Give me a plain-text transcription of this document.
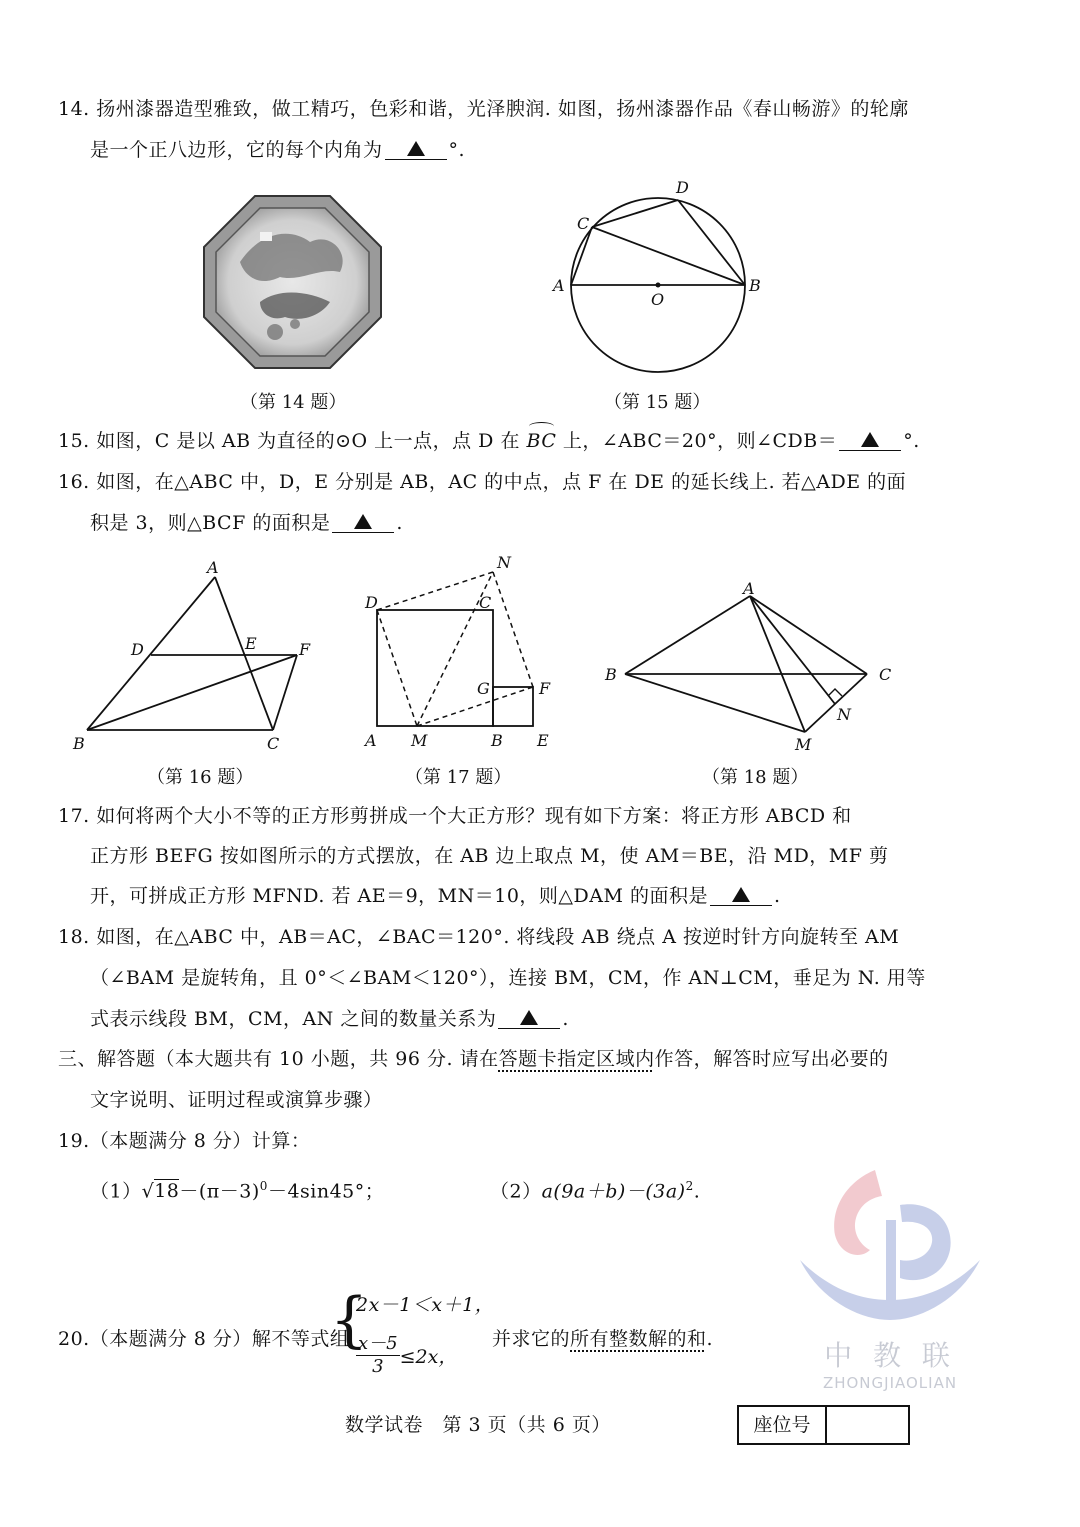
14. 扬州漆器造型雅致，做工精巧，色彩和谐，光泽腴润. 如图，扬州漆器作品《春山畅游》的轮廓
是一个正八边形，它的每个内角为	°.
（第 14 题）
A	B
C
D
O
（第 15 题）
15. 如图，C 是以 AB 为直径的⊙O 上一点，点 D 在 BC 上，∠ABC＝20°，则∠CDB＝	°.
16. 如图，在△ABC 中，D，E 分别是 AB，AC 的中点，点 F 在 DE 的延长线上. 若△ADE 的面
积是 3，则△BCF 的面积是	.
A
B	C
D	E	F
（第 16 题）
D	C
N
G	F
A M	B E
（第 17 题）
A
B	C
N
M
（第 18 题）
17. 如何将两个大小不等的正方形剪拼成一个大正方形？现有如下方案：将正方形 ABCD 和
正方形 BEFG 按如图所示的方式摆放，在 AB 边上取点 M，使 AM＝BE，沿 MD，MF 剪
开，可拼成正方形 MFND. 若 AE＝9，MN＝10，则△DAM 的面积是	.
18. 如图，在△ABC 中，AB＝AC，∠BAC＝120°. 将线段 AB 绕点 A 按逆时针方向旋转至 AM
（∠BAM 是旋转角，且 0°＜∠BAM＜120°），连接 BM，CM，作 AN⊥CM，垂足为 N. 用等
式表示线段 BM，CM，AN 之间的数量关系为	.
三、解答题（本大题共有 10 小题，共 96 分. 请在答题卡指定区域内作答，解答时应写出必要的
文字说明、证明过程或演算步骤）
19.（本题满分 8 分）计算：
$(1)√18-(\pi-3)^0-4\sin 45^\circ$；	$(2)a(9a+b)-(3a)^2$.
20.（本题满分 8 分）解不等式组
{
2x－1＜x＋1，
$\frac{x-5}{3} \le 2x$，
并求它的所有整数解的和.	中 教 联
ZHONGJIAOLIAN
数学试卷　第 3 页（共 6 页）	座位号
